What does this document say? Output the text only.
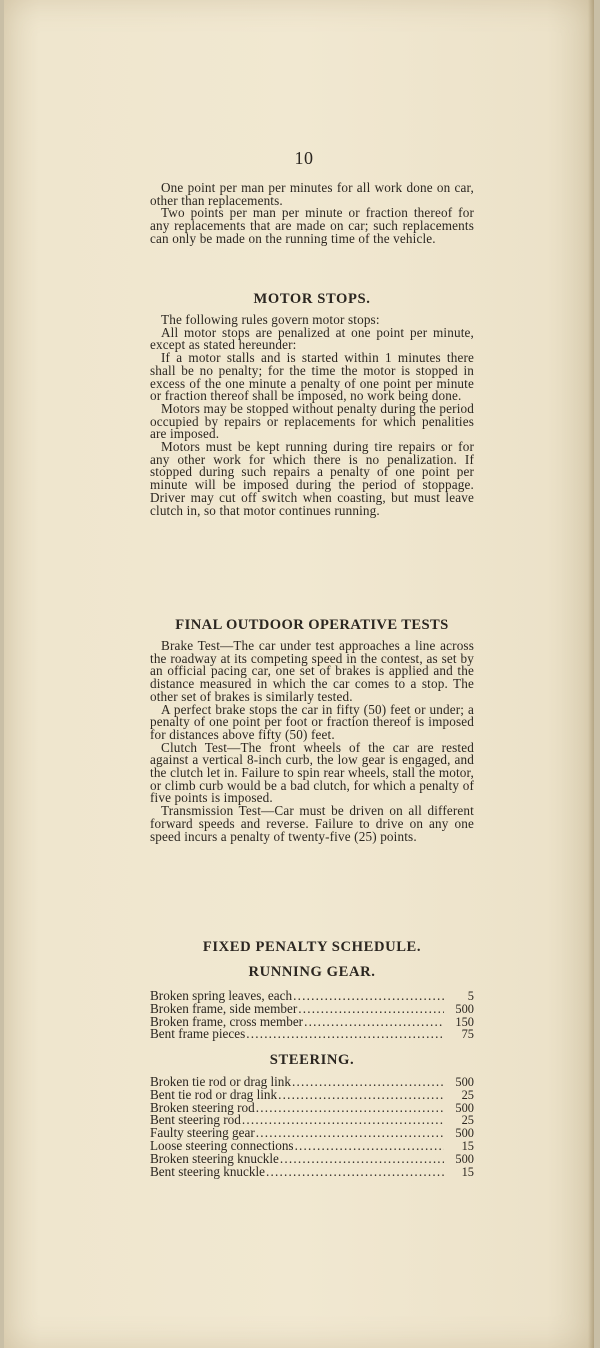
10

One point per man per minutes for all work done on car, other than replacements.

Two points per man per minute or fraction thereof for any replacements that are made on car; such replacements can only be made on the running time of the vehicle.

MOTOR STOPS.

The following rules govern motor stops:

All motor stops are penalized at one point per minute, except as stated hereunder:

If a motor stalls and is started within 1 minutes there shall be no penalty; for the time the motor is stopped in excess of the one minute a penalty of one point per minute or fraction thereof shall be imposed, no work being done.

Motors may be stopped without penalty during the period occupied by repairs or replacements for which penalities are imposed.

Motors must be kept running during tire repairs or for any other work for which there is no penalization. If stopped during such repairs a penalty of one point per minute will be imposed during the period of stoppage. Driver may cut off switch when coasting, but must leave clutch in, so that motor continues running.

FINAL OUTDOOR OPERATIVE TESTS

Brake Test—The car under test approaches a line across the roadway at its competing speed in the contest, as set by an official pacing car, one set of brakes is applied and the distance measured in which the car comes to a stop. The other set of brakes is similarly tested.

A perfect brake stops the car in fifty (50) feet or under; a penalty of one point per foot or fraction thereof is imposed for distances above fifty (50) feet.

Clutch Test—The front wheels of the car are rested against a vertical 8-inch curb, the low gear is engaged, and the clutch let in. Failure to spin rear wheels, stall the motor, or climb curb would be a bad clutch, for which a penalty of five points is imposed.

Transmission Test—Car must be driven on all different forward speeds and reverse. Failure to drive on any one speed incurs a penalty of twenty-five (25) points.

FIXED PENALTY SCHEDULE.
RUNNING GEAR.
Broken spring leaves, each .....	5
Broken frame, side member .....	500
Broken frame, cross member .....	150
Bent frame pieces .....	75
STEERING.
Broken tie rod or drag link .....	500
Bent tie rod or drag link .....	25
Broken steering rod .....	500
Bent steering rod .....	25
Faulty steering gear .....	500
Loose steering connections .....	15
Broken steering knuckle .....	500
Bent steering knuckle .....	15
